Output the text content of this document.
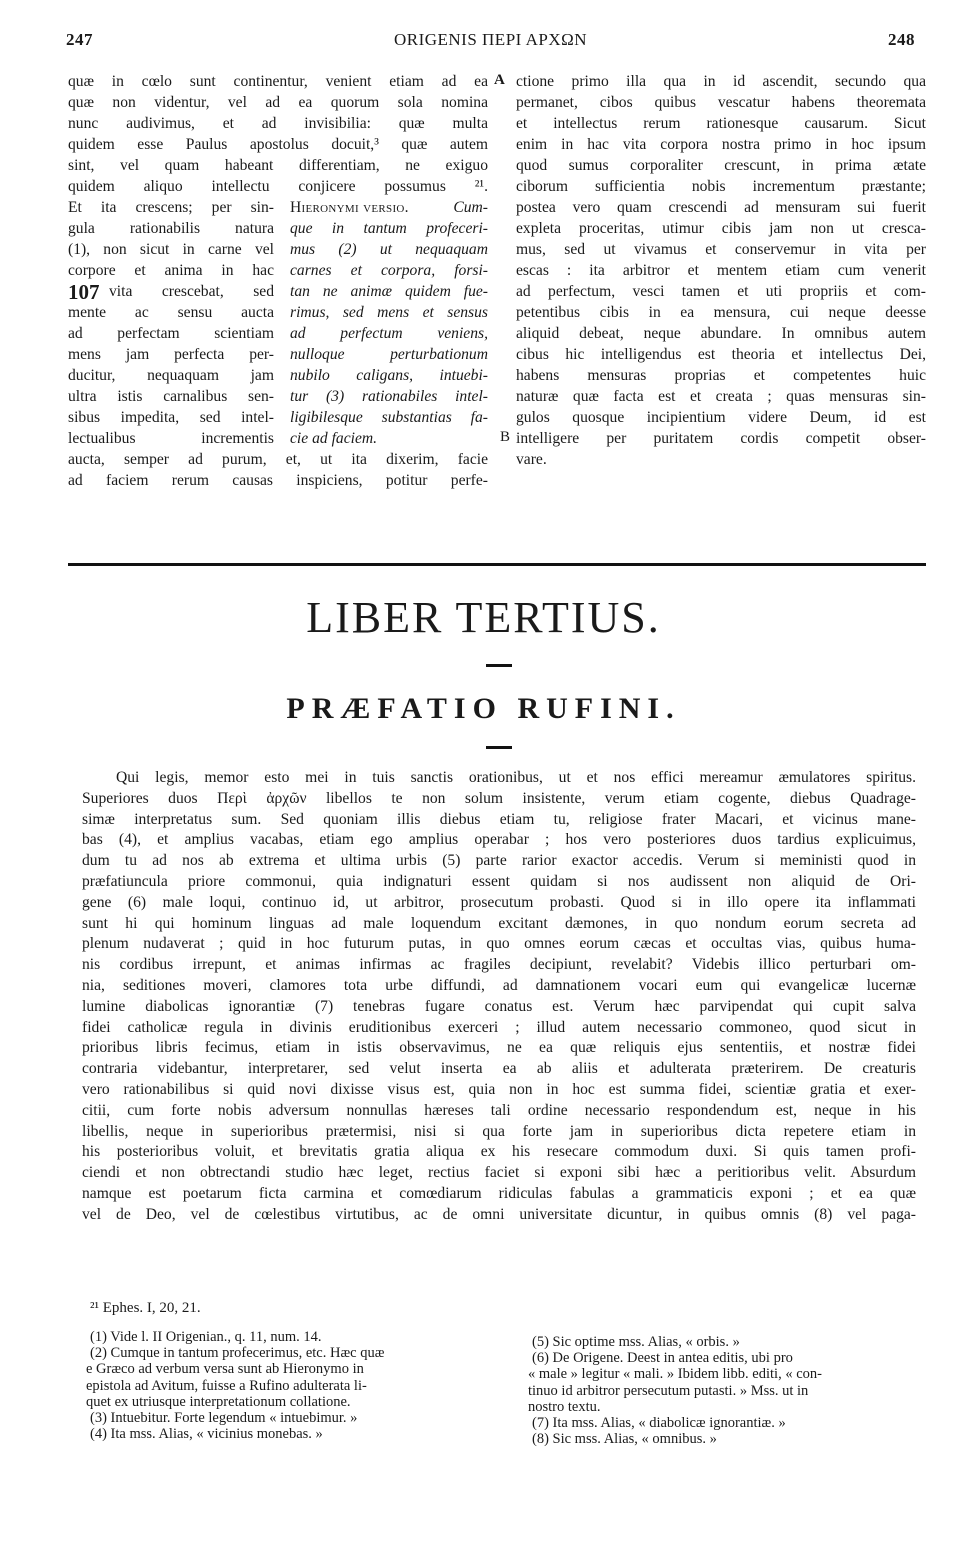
247	ORIGENIS ΠΕΡΙ ΑΡΧΩΝ	248
quæ in cœlo sunt continentur, venient etiam ad ea
quæ non videntur, vel ad ea quorum sola nomina
nunc audivimus, et ad invisibilia: quæ multa
quidem esse Paulus apostolus docuit,³ quæ autem
sint, vel quam habeant differentiam, ne exiguo
quidem aliquo intellectu conjicere possumus ²¹.
Et ita crescens; per sin-
gula rationabilis natura
(1), non sicut in carne vel
corpore et anima in hac
107 vita crescebat, sed
mente ac sensu aucta
ad perfectam scientiam
mens jam perfecta per-
ducitur, nequaquam jam
ultra istis carnalibus sen-
sibus impedita, sed intel-
lectualibus incrementis
Hieronymi versio.	Cum-
que in tantum profeceri-
mus (2) ut nequaquam
carnes et corpora, forsi-
tan ne animæ quidem fue-
rimus, sed mens et sensus
ad perfectum veniens,
nulloque perturbationum
nubilo caligans, intuebi-
tur (3) rationabiles intel-
ligibilesque substantias fa-
cie ad faciem.
aucta, semper ad purum, et, ut ita dixerim, facie
ad faciem rerum causas inspiciens, potitur perfe-
A
B
ctione primo illa qua in id ascendit, secundo qua
permanet, cibos quibus vescatur habens theoremata
et intellectus rerum rationesque causarum. Sicut
enim in hac vita corpora nostra primo in hoc ipsum
quod sumus corporaliter crescunt, in prima ætate
ciborum sufficientia nobis incrementum præstante;
postea vero quam crescendi ad mensuram sui fuerit
expleta proceritas, utimur cibis jam non ut cresca-
mus, sed ut vivamus et conservemur in vita per
escas : ita arbitror et mentem etiam cum venerit
ad perfectum, vesci tamen et uti propriis et com-
petentibus cibis in ea mensura, cui neque deesse
aliquid debeat, neque abundare. In omnibus autem
cibus hic intelligendus est theoria et intellectus Dei,
habens mensuras proprias et competentes huic
naturæ quæ facta est et creata ; quas mensuras sin-
gulos quosque incipientium videre Deum, id est
intelligere per puritatem cordis competit obser-
vare.
LIBER TERTIUS.
PRÆFATIO RUFINI.
Qui legis, memor esto mei in tuis sanctis orationibus, ut et nos effici mereamur æmulatores spiritus.
Superiores duos Περὶ ἀρχῶν libellos te non solum insistente, verum etiam cogente, diebus Quadrage-
simæ interpretatus sum. Sed quoniam illis diebus etiam tu, religiose frater Macari, et vicinus mane-
bas (4), et amplius vacabas, etiam ego amplius operabar ; hos vero posteriores duos tardius explicuimus,
dum tu ad nos ab extrema et ultima urbis (5) parte rarior exactor accedis. Verum si meministi quod in
præfatiuncula priore commonui, quia indignaturi essent quidam si nos audissent non aliquid de Ori-
gene (6) male loqui, continuo id, ut arbitror, prosecutum probasti. Quod si in illo opere ita inflammati
sunt hi qui hominum linguas ad male loquendum excitant dæmones, in quo nondum eorum secreta ad
plenum nudaverat ; quid in hoc futurum putas, in quo omnes eorum cæcas et occultas vias, quibus huma-
nis cordibus irrepunt, et animas infirmas ac fragiles decipiunt, revelabit? Videbis illico perturbari om-
nia, seditiones moveri, clamores tota urbe diffundi, ad damnationem vocari eum qui evangelicæ lucernæ
lumine diabolicas ignorantiæ (7) tenebras fugare conatus est. Verum hæc parvipendat qui cupit salva
fidei catholicæ regula in divinis eruditionibus exerceri ; illud autem necessario commoneo, quod sicut in
prioribus libris fecimus, etiam in istis observavimus, ne ea quæ reliquis ejus sententiis, et nostræ fidei
contraria videbantur, interpretarer, sed velut inserta ea ab aliis et adulterata præterirem. De creaturis
vero rationabilibus si quid novi dixisse visus est, quia non in hoc est summa fidei, scientiæ gratia et exer-
citii, cum forte nobis adversum nonnullas hæreses tali ordine necessario respondendum est, neque in his
libellis, neque in superioribus prætermisi, nisi si qua forte jam in superioribus dicta repetere etiam in
his posterioribus voluit, et brevitatis gratia aliqua ex his resecare commodum duxi. Si quis tamen profi-
ciendi et non obtrectandi studio hæc leget, rectius faciet si exponi sibi hæc a peritioribus velit. Absurdum
namque est poetarum ficta carmina et comœdiarum ridiculas fabulas a grammaticis exponi ; et ea quæ
vel de Deo, vel de cœlestibus virtutibus, ac de omni universitate dicuntur, in quibus omnis (8) vel paga-
²¹ Ephes. I, 20, 21.
(1) Vide l. II Origenian., q. 11, num. 14.
(2) Cumque in tantum profecerimus, etc. Hæc quæ
e Græco ad verbum versa sunt ab Hieronymo in
epistola ad Avitum, fuisse a Rufino adulterata li-
quet ex utriusque interpretationum collatione.
(3) Intuebitur. Forte legendum « intuebimur. »
(4) Ita mss. Alias, « vicinius monebas. »
(5) Sic optime mss. Alias, « orbis. »
(6) De Origene. Deest in antea editis, ubi pro
« male » legitur « mali. » Ibidem libb. editi, « con-
tinuo id arbitror persecutum putasti. » Mss. ut in
nostro textu.
(7) Ita mss. Alias, « diabolicæ ignorantiæ. »
(8) Sic mss. Alias, « omnibus. »
